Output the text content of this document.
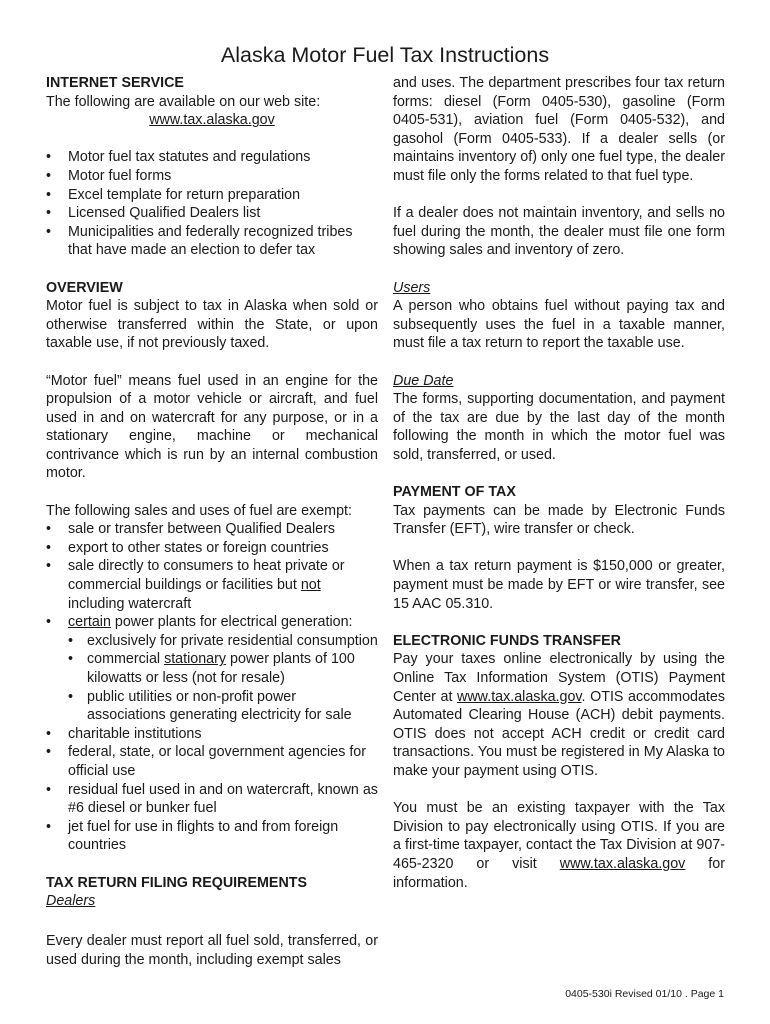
Alaska Motor Fuel Tax Instructions

INTERNET SERVICE

The following are available on our web site:

www.tax.alaska.gov

• Motor fuel tax statutes and regulations
• Motor fuel forms
• Excel template for return preparation
• Licensed Qualified Dealers list
• Municipalities and federally recognized tribes that have made an election to defer tax

OVERVIEW

Motor fuel is subject to tax in Alaska when sold or otherwise transferred within the State, or upon taxable use, if not previously taxed.

“Motor fuel” means fuel used in an engine for the propulsion of a motor vehicle or aircraft, and fuel used in and on watercraft for any purpose, or in a stationary engine, machine or mechanical contrivance which is run by an internal combustion motor.

The following sales and uses of fuel are exempt:

• sale or transfer between Qualified Dealers
• export to other states or foreign countries
• sale directly to consumers to heat private or commercial buildings or facilities but not including watercraft
• certain power plants for electrical generation:
• exclusively for private residential consumption
• commercial stationary power plants of 100 kilowatts or less (not for resale)
• public utilities or non-profit power associations generating electricity for sale
• charitable institutions
• federal, state, or local government agencies for official use
• residual fuel used in and on watercraft, known as #6 diesel or bunker fuel
• jet fuel for use in flights to and from foreign countries

TAX RETURN FILING REQUIREMENTS

Dealers

Every dealer must report all fuel sold, transferred, or used during the month, including exempt sales

and uses. The department prescribes four tax return forms: diesel (Form 0405-530), gasoline (Form 0405-531), aviation fuel (Form 0405-532), and gasohol (Form 0405-533). If a dealer sells (or maintains inventory of) only one fuel type, the dealer must file only the forms related to that fuel type.

If a dealer does not maintain inventory, and sells no fuel during the month, the dealer must file one form showing sales and inventory of zero.

Users

A person who obtains fuel without paying tax and subsequently uses the fuel in a taxable manner, must file a tax return to report the taxable use.

Due Date

The forms, supporting documentation, and payment of the tax are due by the last day of the month following the month in which the motor fuel was sold, transferred, or used.

PAYMENT OF TAX

Tax payments can be made by Electronic Funds Transfer (EFT), wire transfer or check.

When a tax return payment is $150,000 or greater, payment must be made by EFT or wire transfer, see 15 AAC 05.310.

ELECTRONIC FUNDS TRANSFER

Pay your taxes online electronically by using the Online Tax Information System (OTIS) Payment Center at www.tax.alaska.gov. OTIS accommodates Automated Clearing House (ACH) debit payments. OTIS does not accept ACH credit or credit card transactions. You must be registered in My Alaska to make your payment using OTIS.

You must be an existing taxpayer with the Tax Division to pay electronically using OTIS. If you are a first-time taxpayer, contact the Tax Division at 907-465-2320 or visit www.tax.alaska.gov for information.

0405-530i Revised 01/10 . Page 1
